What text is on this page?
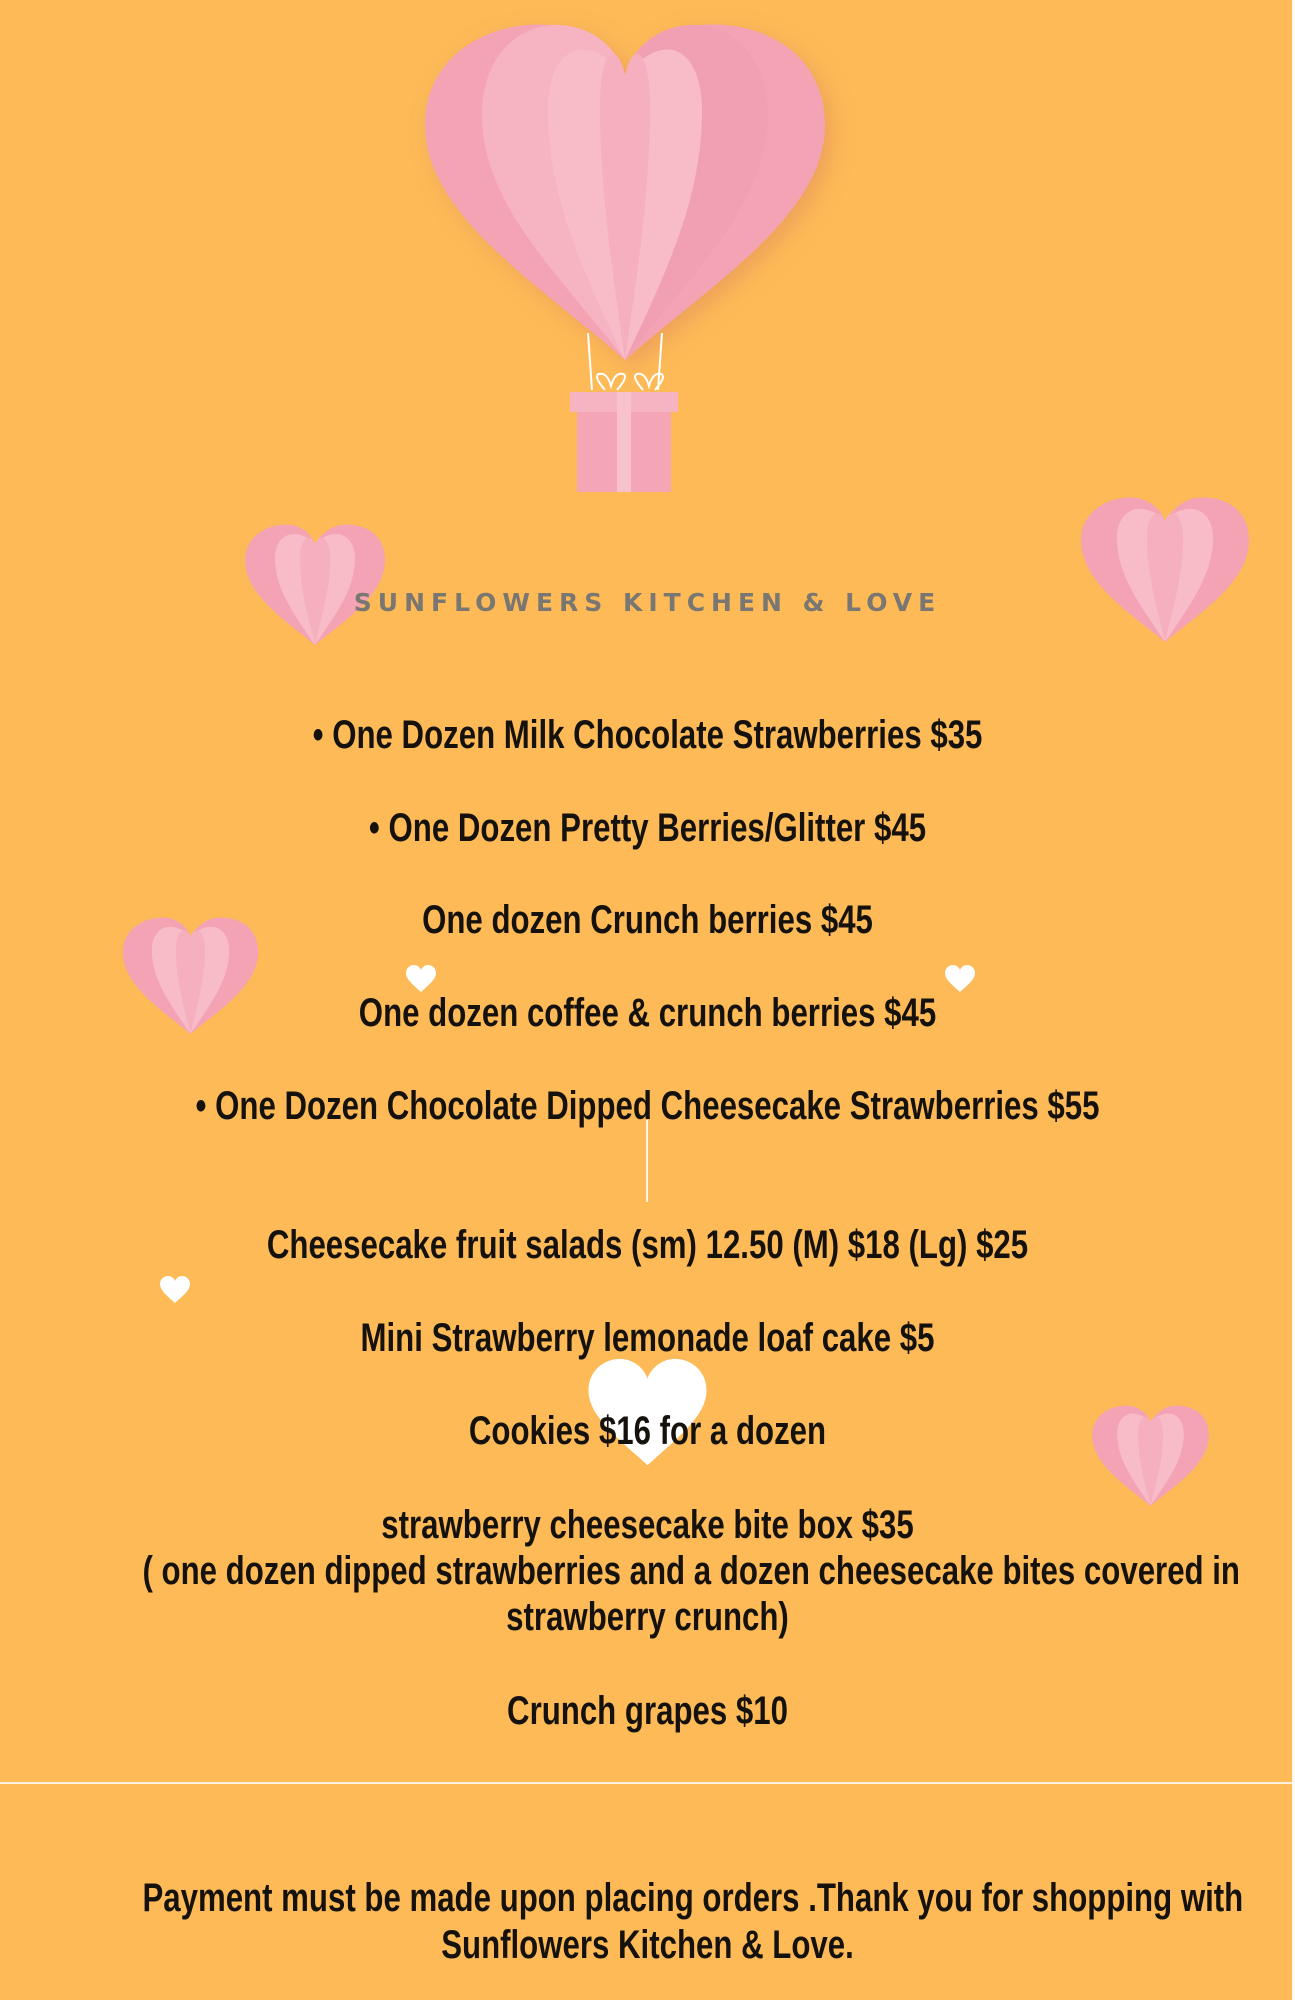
SUNFLOWERS KITCHEN & LOVE
• One Dozen Milk Chocolate Strawberries $35
• One Dozen Pretty Berries/Glitter $45
One dozen Crunch berries $45
One dozen coffee & crunch berries $45
• One Dozen Chocolate Dipped Cheesecake Strawberries $55
Cheesecake fruit salads (sm) 12.50 (M) $18 (Lg) $25
Mini Strawberry lemonade loaf cake $5
Cookies $16 for a dozen
strawberry cheesecake bite box $35
( one dozen dipped strawberries and a dozen cheesecake bites covered in
strawberry crunch)
Crunch grapes $10
Payment must be made upon placing orders .Thank you for shopping with
Sunflowers Kitchen & Love.
